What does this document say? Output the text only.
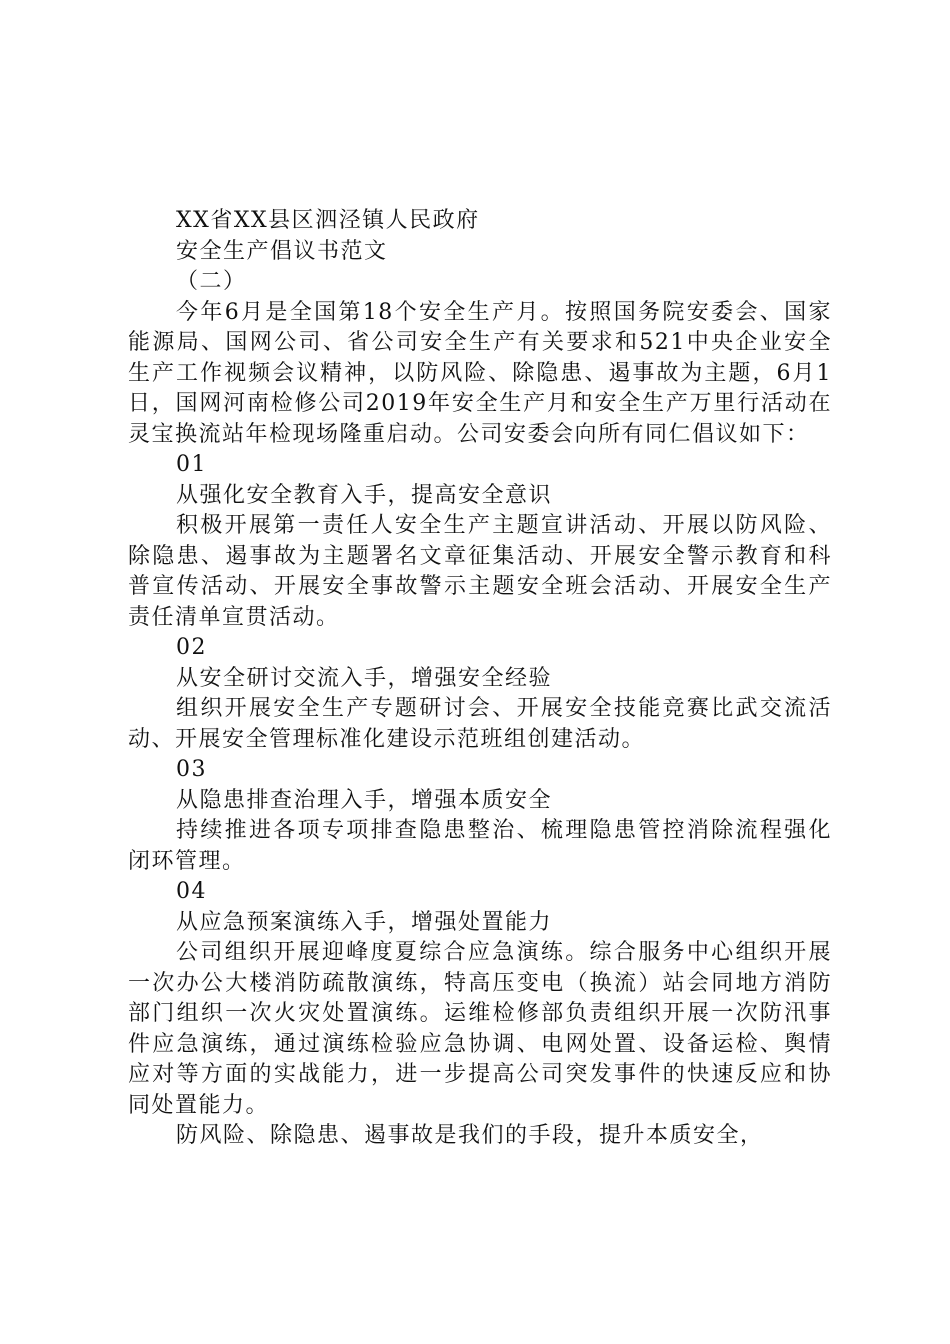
XX省XX县区泗泾镇人民政府

安全生产倡议书范文

（二）

今年6月是全国第18个安全生产月。按照国务院安委会、国家能源局、国网公司、省公司安全生产有关要求和521中央企业安全生产工作视频会议精神，以防风险、除隐患、遏事故为主题，6月1日，国网河南检修公司2019年安全生产月和安全生产万里行活动在灵宝换流站年检现场隆重启动。公司安委会向所有同仁倡议如下：

01

从强化安全教育入手，提高安全意识

积极开展第一责任人安全生产主题宣讲活动、开展以防风险、除隐患、遏事故为主题署名文章征集活动、开展安全警示教育和科普宣传活动、开展安全事故警示主题安全班会活动、开展安全生产责任清单宣贯活动。

02

从安全研讨交流入手，增强安全经验

组织开展安全生产专题研讨会、开展安全技能竞赛比武交流活动、开展安全管理标准化建设示范班组创建活动。

03

从隐患排查治理入手，增强本质安全

持续推进各项专项排查隐患整治、梳理隐患管控消除流程强化闭环管理。

04

从应急预案演练入手，增强处置能力

公司组织开展迎峰度夏综合应急演练。综合服务中心组织开展一次办公大楼消防疏散演练，特高压变电（换流）站会同地方消防部门组织一次火灾处置演练。运维检修部负责组织开展一次防汛事件应急演练，通过演练检验应急协调、电网处置、设备运检、舆情应对等方面的实战能力，进一步提高公司突发事件的快速反应和协同处置能力。

防风险、除隐患、遏事故是我们的手段，提升本质安全，
